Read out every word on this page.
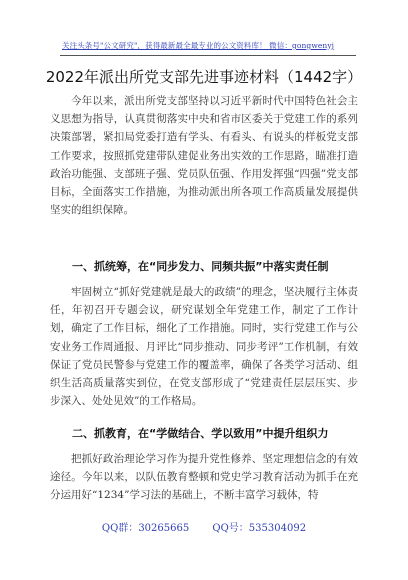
关注头条号"公文研究"，获得最新最全最专业的公文资料库！ 微信：gongwenyj
2022年派出所党支部先进事迹材料（1442字）

今年以来，派出所党支部坚持以习近平新时代中国特色社会主义思想为指导，认真贯彻落实中央和省市区委关于党建工作的系列决策部署，紧扣局党委打造有学头、有看头、有说头的样板党支部工作要求，按照抓党建带队建促业务出实效的工作思路，瞄准打造政治功能强、支部班子强、党员队伍强、作用发挥强“四强”党支部目标，全面落实工作措施，为推动派出所各项工作高质量发展提供坚实的组织保障。

一、抓统筹，在“同步发力、同频共振”中落实责任制

牢固树立“抓好党建就是最大的政绩”的理念，坚决履行主体责任，年初召开专题会议，研究谋划全年党建工作，制定了工作计划，确定了工作目标，细化了工作措施。同时，实行党建工作与公安业务工作周通报、月评比“同步推动、同步考评”工作机制，有效保证了党员民警参与党建工作的覆盖率，确保了各类学习活动、组织生活高质量落实到位，在党支部形成了“党建责任层层压实、步步深入、处处见效”的工作格局。

二、抓教育，在“学做结合、学以致用”中提升组织力

把抓好政治理论学习作为提升党性修养、坚定理想信念的有效途径。今年以来，以队伍教育整顿和党史学习教育活动为抓手在充分运用好“1234”学习法的基础上，不断丰富学习载体，特

QQ群：30265665 QQ号：535304092
